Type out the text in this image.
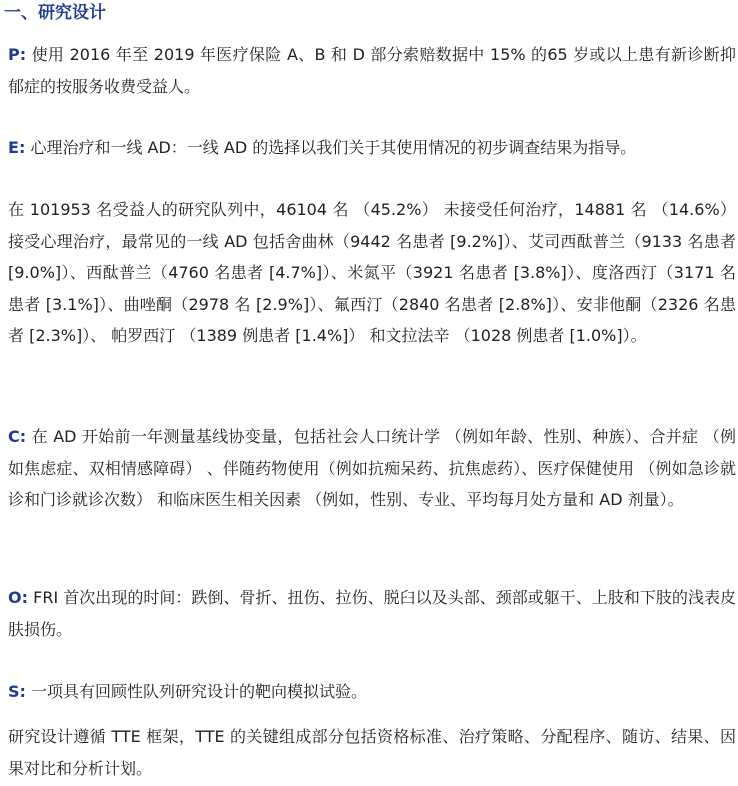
一、研究设计

P: 使用 2016 年至 2019 年医疗保险 A、B 和 D 部分索赔数据中 15% 的65 岁或以上患有新诊断抑郁症的按服务收费受益人。

E: 心理治疗和一线 AD：一线 AD 的选择以我们关于其使用情况的初步调查结果为指导。

在 101953 名受益人的研究队列中，46104 名 （45.2%） 未接受任何治疗，14881 名 （14.6%） 接受心理治疗，最常见的一线 AD 包括舍曲林（9442 名患者 [9.2%]）、艾司西酞普兰（9133 名患者 [9.0%]）、西酞普兰（4760 名患者 [4.7%]）、米氮平（3921 名患者 [3.8%]）、度洛西汀（3171 名患者 [3.1%]）、曲唑酮（2978 名 [2.9%]）、氟西汀（2840 名患者 [2.8%]）、安非他酮（2326 名患者 [2.3%]）、 帕罗西汀 （1389 例患者 [1.4%]） 和文拉法辛 （1028 例患者 [1.0%]）。

C: 在 AD 开始前一年测量基线协变量，包括社会人口统计学 （例如年龄、性别、种族）、合并症 （例如焦虑症、双相情感障碍） 、伴随药物使用（例如抗痴呆药、抗焦虑药）、医疗保健使用 （例如急诊就诊和门诊就诊次数） 和临床医生相关因素 （例如，性别、专业、平均每月处方量和 AD 剂量）。

O: FRI 首次出现的时间：跌倒、骨折、扭伤、拉伤、脱臼以及头部、颈部或躯干、上肢和下肢的浅表皮肤损伤。

S: 一项具有回顾性队列研究设计的靶向模拟试验。

研究设计遵循 TTE 框架，TTE 的关键组成部分包括资格标准、治疗策略、分配程序、随访、结果、因果对比和分析计划。
